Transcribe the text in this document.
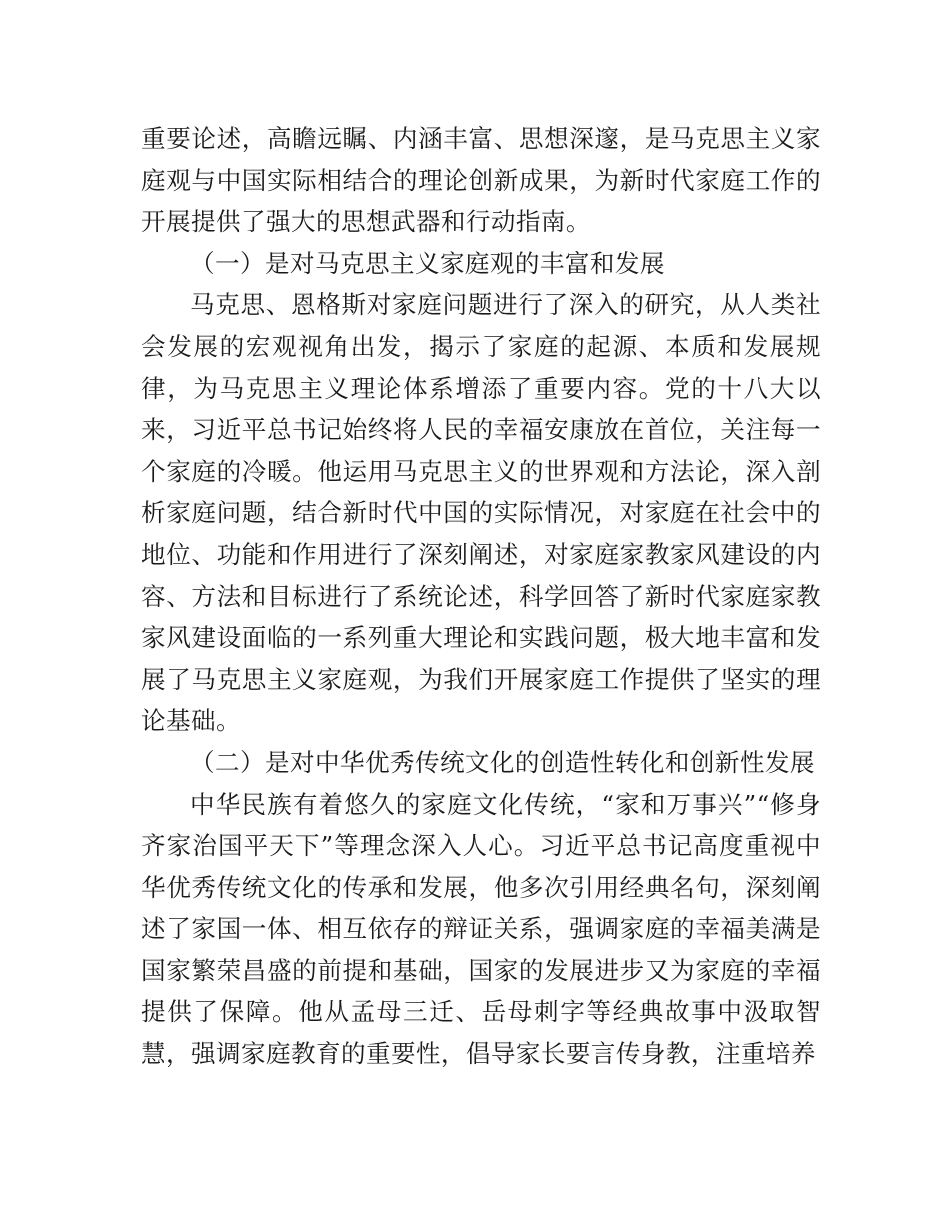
重要论述，高瞻远瞩、内涵丰富、思想深邃，是马克思主义家庭观与中国实际相结合的理论创新成果，为新时代家庭工作的开展提供了强大的思想武器和行动指南。

（一）是对马克思主义家庭观的丰富和发展

马克思、恩格斯对家庭问题进行了深入的研究，从人类社会发展的宏观视角出发，揭示了家庭的起源、本质和发展规律，为马克思主义理论体系增添了重要内容。党的十八大以来，习近平总书记始终将人民的幸福安康放在首位，关注每一个家庭的冷暖。他运用马克思主义的世界观和方法论，深入剖析家庭问题，结合新时代中国的实际情况，对家庭在社会中的地位、功能和作用进行了深刻阐述，对家庭家教家风建设的内容、方法和目标进行了系统论述，科学回答了新时代家庭家教家风建设面临的一系列重大理论和实践问题，极大地丰富和发展了马克思主义家庭观，为我们开展家庭工作提供了坚实的理论基础。

（二）是对中华优秀传统文化的创造性转化和创新性发展

中华民族有着悠久的家庭文化传统，“家和万事兴”“修身齐家治国平天下”等理念深入人心。习近平总书记高度重视中华优秀传统文化的传承和发展，他多次引用经典名句，深刻阐述了家国一体、相互依存的辩证关系，强调家庭的幸福美满是国家繁荣昌盛的前提和基础，国家的发展进步又为家庭的幸福提供了保障。他从孟母三迁、岳母刺字等经典故事中汲取智慧，强调家庭教育的重要性，倡导家长要言传身教，注重培养
